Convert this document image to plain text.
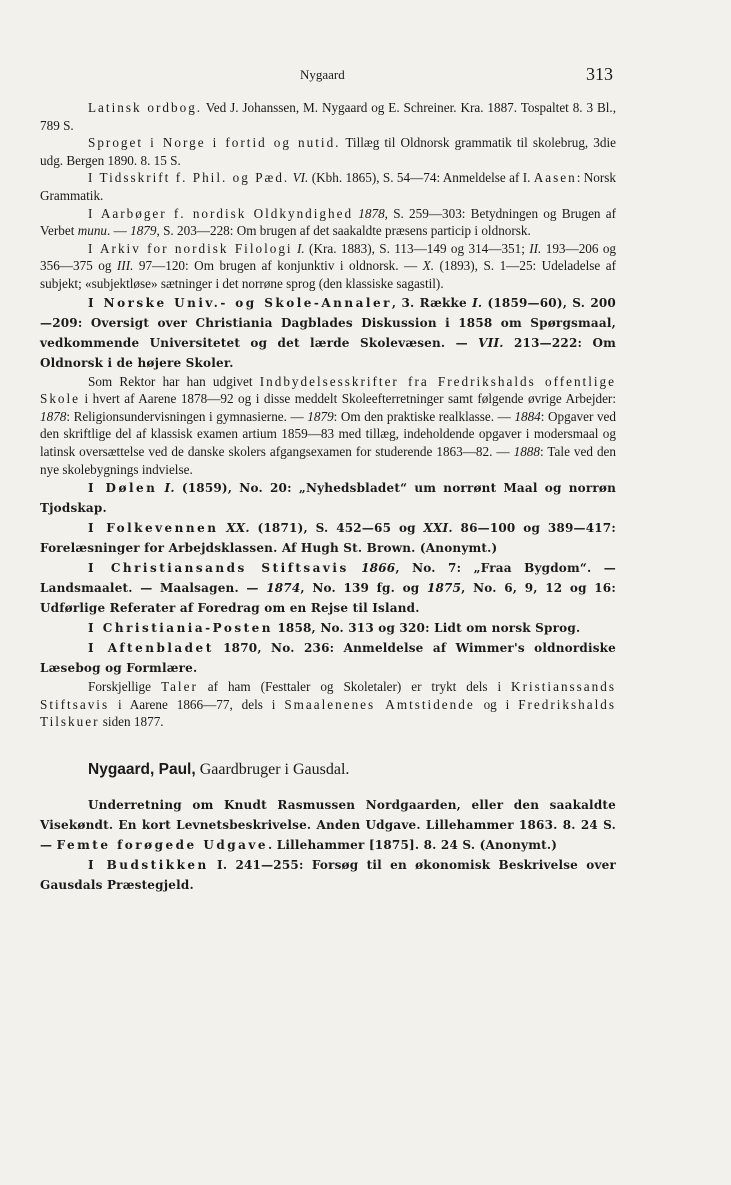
Nygaard	313

Latinsk ordbog. Ved J. Johanssen, M. Nygaard og E. Schreiner. Kra. 1887. Tospaltet 8. 3 Bl., 789 S.

Sproget i Norge i fortid og nutid. Tillæg til Oldnorsk grammatik til skolebrug, 3die udg. Bergen 1890. 8. 15 S.

I Tidsskrift f. Phil. og Pæd. VI. (Kbh. 1865), S. 54—74: Anmeldelse af I. Aasen: Norsk Grammatik.

I Aarbøger f. nordisk Oldkyndighed 1878, S. 259—303: Betydningen og Brugen af Verbet munu. — 1879, S. 203—228: Om brugen af det saakaldte præsens particip i oldnorsk.

I Arkiv for nordisk Filologi I. (Kra. 1883), S. 113—149 og 314—351; II. 193—206 og 356—375 og III. 97—120: Om brugen af konjunktiv i oldnorsk. — X. (1893), S. 1—25: Udeladelse af subjekt; «subjektløse» sætninger i det norrøne sprog (den klassiske sagastil).

I Norske Univ.- og Skole-Annaler, 3. Række I. (1859—60), S. 200—209: Oversigt over Christiania Dagblades Diskussion i 1858 om Spørgsmaal, vedkommende Universitetet og det lærde Skolevæsen. — VII. 213—222: Om Oldnorsk i de højere Skoler.

Som Rektor har han udgivet Indbydelsesskrifter fra Fredrikshalds offentlige Skole i hvert af Aarene 1878—92 og i disse meddelt Skoleefterretninger samt følgende øvrige Arbejder: 1878: Religionsundervisningen i gymnasierne. — 1879: Om den praktiske realklasse. — 1884: Opgaver ved den skriftlige del af klassisk examen artium 1859—83 med tillæg, indeholdende opgaver i modersmaal og latinsk oversættelse ved de danske skolers afgangsexamen for studerende 1863—82. — 1888: Tale ved den nye skolebygnings indvielse.

I Dølen I. (1859), No. 20: „Nyhedsbladet“ um norrønt Maal og norrøn Tjodskap.

I Folkevennen XX. (1871), S. 452—65 og XXI. 86—100 og 389—417: Forelæsninger for Arbejdsklassen. Af Hugh St. Brown. (Anonymt.)

I Christiansands Stiftsavis 1866, No. 7: „Fraa Bygdom“. — Landsmaalet. — Maalsagen. — 1874, No. 139 fg. og 1875, No. 6, 9, 12 og 16: Udførlige Referater af Foredrag om en Rejse til Island.

I Christiania-Posten 1858, No. 313 og 320: Lidt om norsk Sprog.

I Aftenbladet 1870, No. 236: Anmeldelse af Wimmer's oldnordiske Læsebog og Formlære.

Forskjellige Taler af ham (Festtaler og Skoletaler) er trykt dels i Kristianssands Stiftsavis i Aarene 1866—77, dels i Smaalenenes Amtstidende og i Fredrikshalds Tilskuer siden 1877.

Nygaard, Paul, Gaardbruger i Gausdal.

Underretning om Knudt Rasmussen Nordgaarden, eller den saakaldte Visekøndt. En kort Levnetsbeskrivelse. Anden Udgave. Lillehammer 1863. 8. 24 S. — Femte forøgede Udgave. Lillehammer [1875]. 8. 24 S. (Anonymt.)

I Budstikken I. 241—255: Forsøg til en økonomisk Beskrivelse over Gausdals Præstegjeld.
